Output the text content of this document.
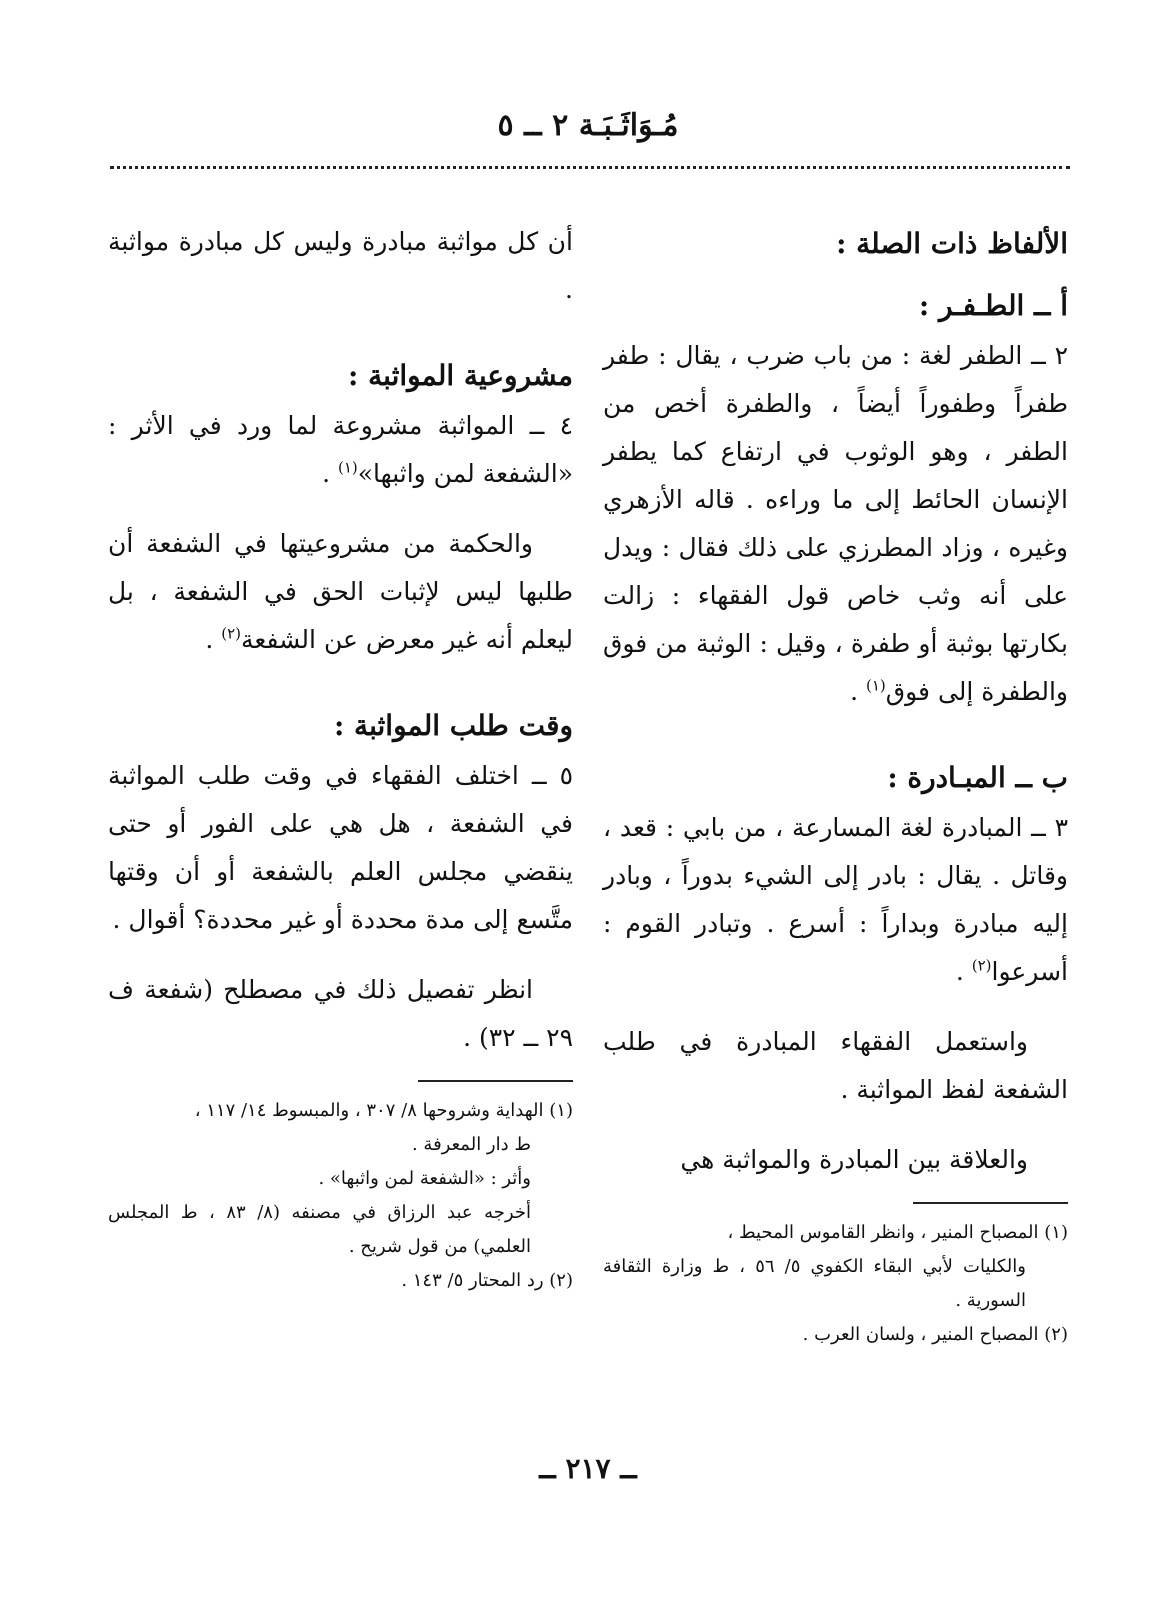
مُـوَاثَـبَـة ٢ ــ ٥

الألفاظ ذات الصلة :

أ ــ الطـفـر :

٢ ــ الطفر لغة : من باب ضرب ، يقال : طفر طفراً وطفوراً أيضاً ، والطفرة أخص من الطفر ، وهو الوثوب في ارتفاع كما يطفر الإنسان الحائط إلى ما وراءه . قاله الأزهري وغيره ، وزاد المطرزي على ذلك فقال : ويدل على أنه وثب خاص قول الفقهاء : زالت بكارتها بوثبة أو طفرة ، وقيل : الوثبة من فوق والطفرة إلى فوق$^{(١)}$ .

ب ــ المبـادرة :

٣ ــ المبادرة لغة المسارعة ، من بابي : قعد ، وقاتل . يقال : بادر إلى الشيء بدوراً ، وبادر إليه مبادرة وبداراً : أسرع . وتبادر القوم : أسرعوا$^{(٢)}$ .

واستعمل الفقهاء المبادرة في طلب الشفعة لفظ المواثبة .

والعلاقة بين المبادرة والمواثبة هي

(١) المصباح المنير ، وانظر القاموس المحيط ،

والكليات لأبي البقاء الكفوي ٥/ ٥٦ ، ط وزارة الثقافة السورية .

(٢) المصباح المنير ، ولسان العرب .

أن كل مواثبة مبادرة وليس كل مبادرة مواثبة .

مشروعية المواثبة :

٤ ــ المواثبة مشروعة لما ورد في الأثر : «الشفعة لمن واثبها»$^{(١)}$ .

والحكمة من مشروعيتها في الشفعة أن طلبها ليس لإثبات الحق في الشفعة ، بل ليعلم أنه غير معرض عن الشفعة$^{(٢)}$ .

وقت طلب المواثبة :

٥ ــ اختلف الفقهاء في وقت طلب المواثبة في الشفعة ، هل هي على الفور أو حتى ينقضي مجلس العلم بالشفعة أو أن وقتها متَّسع إلى مدة محددة أو غير محددة؟ أقوال .

انظر تفصيل ذلك في مصطلح (شفعة ف ٢٩ ــ ٣٢) .

(١) الهداية وشروحها ٨/ ٣٠٧ ، والمبسوط ١٤/ ١١٧ ،

ط دار المعرفة .

وأثر : «الشفعة لمن واثبها» .

أخرجه عبد الرزاق في مصنفه (٨/ ٨٣ ، ط المجلس العلمي) من قول شريح .

(٢) رد المحتار ٥/ ١٤٣ .

ــ ٢١٧ ــ
